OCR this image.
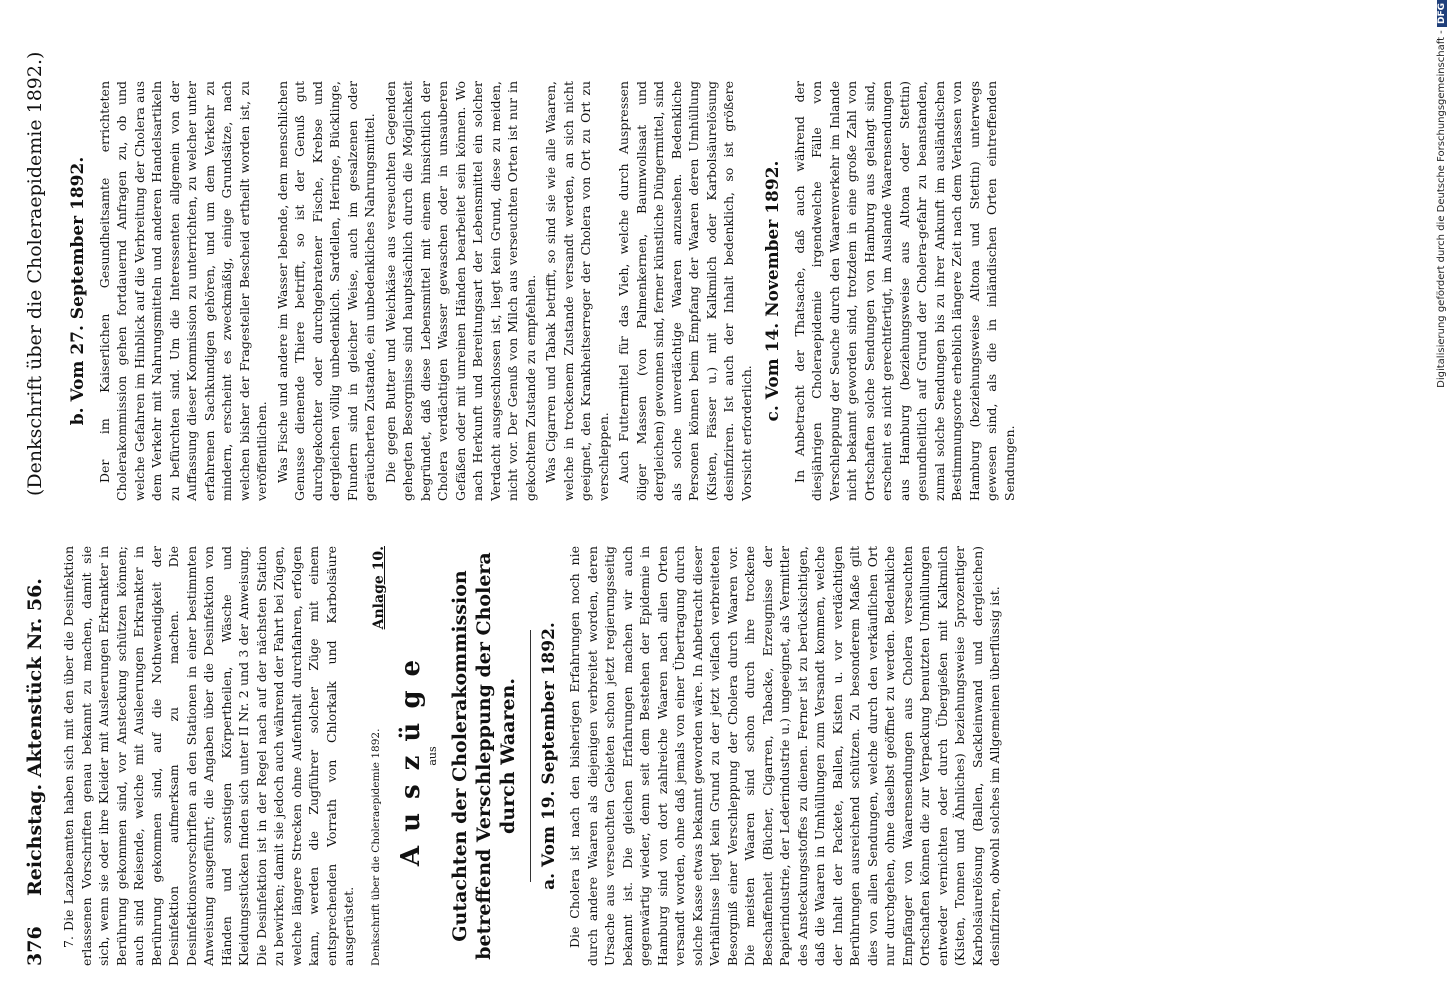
376
Reichstag. Aktenstück Nr. 56.
(Denkschrift über die Choleraepidemie 1892.)

7. Die Lazabeamten haben sich mit den über die Desinfektion erlassenen Vorschriften genau bekannt zu machen, damit sie sich, wenn sie oder ihre Kleider mit Ausleerungen Erkrankter in Berührung gekommen sind, vor Ansteckung schützen können; auch sind Reisende, welche mit Ausleerungen Erkrankter in Berührung gekommen sind, auf die Nothwendigkeit der Desinfektion aufmerksam zu machen. Die Desinfektionsvorschriften an den Stationen in einer bestimmten Anweisung ausgeführt; die Angaben über die Desinfektion von Händen und sonstigen Körpertheilen, Wäsche und Kleidungsstücken finden sich unter II Nr. 2 und 3 der Anweisung. Die Desinfektion ist in der Regel nach auf der nächsten Station zu bewirken; damit sie jedoch auch während der Fahrt bei Zügen, welche längere Strecken ohne Aufenthalt durchfahren, erfolgen kann, werden die Zugführer solcher Züge mit einem entsprechenden Vorrath von Chlorkalk und Karbolsäure ausgerüstet. Denkschrift über die Choleraepidemie 1892.
Anlage 10.
Auszüge aus Gutachten der Cholerakommission betreffend Verschleppung der Cholera durch Waaren. a. Vom 19. September 1892. Die Cholera ist nach den bisherigen Erfahrungen noch nie durch andere Waaren als diejenigen verbreitet worden, deren Ursache aus verseuchten Gebieten schon jetzt regierungsseitig bekannt ist. Die gleichen Erfahrungen machen wir auch gegenwärtig wieder, denn seit dem Bestehen der Epidemie in Hamburg sind von dort zahlreiche Waaren nach allen Orten versandt worden, ohne daß jemals von einer Übertragung durch solche Kasse etwas bekannt geworden wäre. In Anbetracht dieser Verhältnisse liegt kein Grund zu der jetzt vielfach verbreiteten Besorgniß einer Verschleppung der Cholera durch Waaren vor. Die meisten Waaren sind schon durch ihre trockene Beschaffenheit (Bücher, Cigarren, Tabacke, Erzeugnisse der Papierindustrie, der Lederindustrie u.) ungeeignet, als Vermittler des Ansteckungsstoffes zu dienen. Ferner ist zu berücksichtigen, daß die Waaren in Umhüllungen zum Versandt kommen, welche der Inhalt der Packete, Ballen, Kisten u. vor verdächtigen Berührungen ausreichend schützen. Zu besonderem Maße gilt dies von allen Sendungen, welche durch den verkäuflichen Ort nur durchgehen, ohne daselbst geöffnet zu werden. Bedenkliche Empfänger von Waarensendungen aus Cholera verseuchten Ortschaften können die zur Verpackung benutzten Umhüllungen entweder vernichten oder durch Übergießen mit Kalkmilch (Kisten, Tonnen und Ähnliches) beziehungsweise 5prozentiger Karbolsäurelösung (Ballen, Sackleinwand und dergleichen) desinfiziren, obwohl solches im Allgemeinen überflüssig ist.

b. Vom 27. September 1892. Der im Kaiserlichen Gesundheitsamte errichteten Cholerakommission gehen fortdauernd Anfragen zu, ob und welche Gefahren im Hinblick auf die Verbreitung der Cholera aus dem Verkehr mit Nahrungsmitteln und anderen Handelsartikeln zu befürchten sind. Um die Interessenten allgemein von der Auffassung dieser Kommission zu unterrichten, zu welcher unter erfahrenen Sachkundigen gehören, und um dem Verkehr zu mindern, erscheint es zweckmäßig, einige Grundsätze, nach welchen bisher der Fragesteller Bescheid ertheilt worden ist, zu veröffentlichen. Was Fische und andere im Wasser lebende, dem menschlichen Genusse dienende Thiere betrifft, so ist der Genuß gut durchgekochter oder durchgebratener Fische, Krebse und dergleichen völlig unbedenklich. Sardellen, Heringe, Bücklinge, Flundern sind in gleicher Weise, auch im gesalzenen oder geräucherten Zustande, ein unbedenkliches Nahrungsmittel. Die gegen Butter und Weichkäse aus verseuchten Gegenden gehegten Besorgnisse sind hauptsächlich durch die Möglichkeit begründet, daß diese Lebensmittel mit einem hinsichtlich der Cholera verdächtigen Wasser gewaschen oder in unsauberen Gefäßen oder mit unreinen Händen bearbeitet sein können. Wo nach Herkunft und Bereitungsart der Lebensmittel ein solcher Verdacht ausgeschlossen ist, liegt kein Grund, diese zu meiden, nicht vor. Der Genuß von Milch aus verseuchten Orten ist nur in gekochtem Zustande zu empfehlen. Was Cigarren und Tabak betrifft, so sind sie wie alle Waaren, welche in trockenem Zustande versandt werden, an sich nicht geeignet, den Krankheitserreger der Cholera von Ort zu Ort zu verschleppen. Auch Futtermittel für das Vieh, welche durch Auspressen öliger Massen (von Palmenkernen, Baumwollsaat und dergleichen) gewonnen sind, ferner künstliche Düngermittel, sind als solche unverdächtige Waaren anzusehen. Bedenkliche Personen können beim Empfang der Waaren deren Umhüllung (Kisten, Fässer u.) mit Kalkmilch oder Karbolsäurelösung desinfiziren. Ist auch der Inhalt bedenklich, so ist größere Vorsicht erforderlich.

c. Vom 14. November 1892. In Anbetracht der Thatsache, daß auch während der diesjährigen Choleraepidemie irgendwelche Fälle von Verschleppung der Seuche durch den Waarenverkehr im Inlande nicht bekannt geworden sind, trotzdem in eine große Zahl von Ortschaften solche Sendungen von Hamburg aus gelangt sind, erscheint es nicht gerechtfertigt, im Auslande Waarensendungen aus Hamburg (beziehungsweise aus Altona oder Stettin) gesundheitlich auf Grund der Cholera-gefahr zu beanstanden, zumal solche Sendungen bis zu ihrer Ankunft im ausländischen Bestimmungsorte erheblich längere Zeit nach dem Verlassen von Hamburg (beziehungsweise Altona und Stettin) unterwegs gewesen sind, als die in inländischen Orten eintreffenden Sendungen.

Digitalisierung gefördert durch die Deutsche Forschungsgemeinschaft - DFG
